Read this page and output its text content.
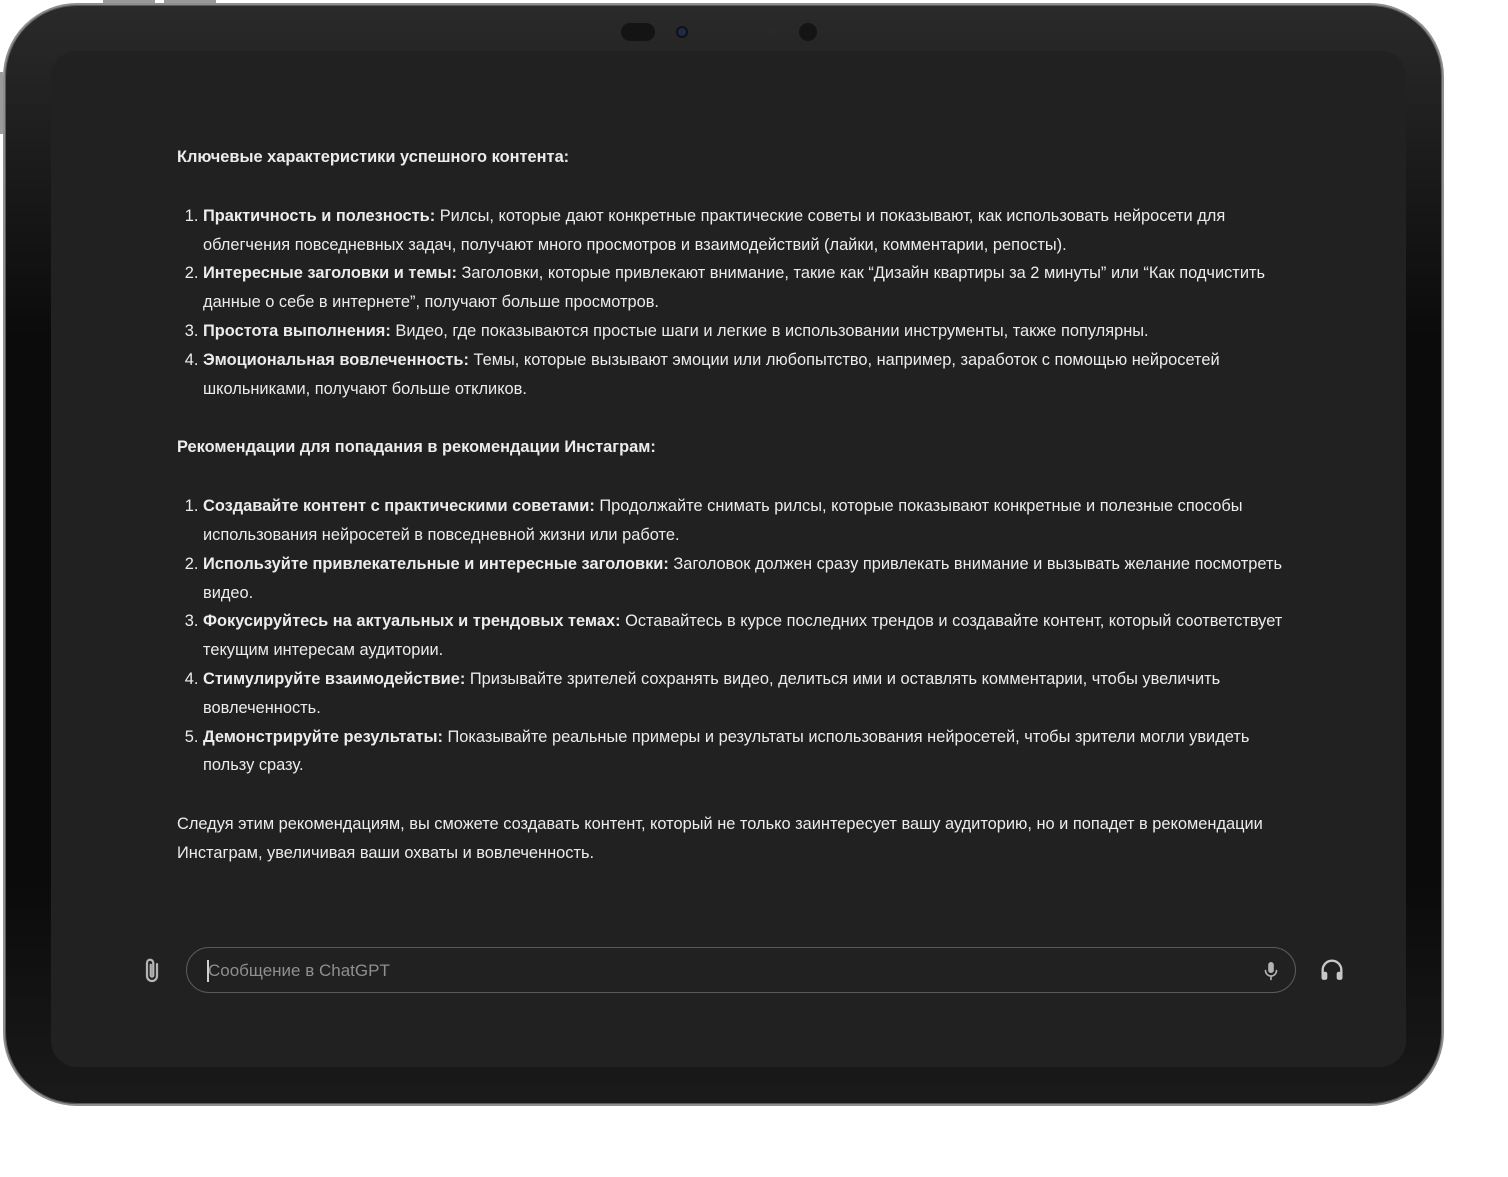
Ключевые характеристики успешного контента:

1. Практичность и полезность: Рилсы, которые дают конкретные практические советы и показывают, как использовать нейросети для облегчения повседневных задач, получают много просмотров и взаимодействий (лайки, комментарии, репосты).
2. Интересные заголовки и темы: Заголовки, которые привлекают внимание, такие как “Дизайн квартиры за 2 минуты” или “Как подчистить данные о себе в интернете”, получают больше просмотров.
3. Простота выполнения: Видео, где показываются простые шаги и легкие в использовании инструменты, также популярны.
4. Эмоциональная вовлеченность: Темы, которые вызывают эмоции или любопытство, например, заработок с помощью нейросетей школьниками, получают больше откликов.

Рекомендации для попадания в рекомендации Инстаграм:

1. Создавайте контент с практическими советами: Продолжайте снимать рилсы, которые показывают конкретные и полезные способы использования нейросетей в повседневной жизни или работе.
2. Используйте привлекательные и интересные заголовки: Заголовок должен сразу привлекать внимание и вызывать желание посмотреть видео.
3. Фокусируйтесь на актуальных и трендовых темах: Оставайтесь в курсе последних трендов и создавайте контент, который соответствует текущим интересам аудитории.
4. Стимулируйте взаимодействие: Призывайте зрителей сохранять видео, делиться ими и оставлять комментарии, чтобы увеличить вовлеченность.
5. Демонстрируйте результаты: Показывайте реальные примеры и результаты использования нейросетей, чтобы зрители могли увидеть пользу сразу.

Следуя этим рекомендациям, вы сможете создавать контент, который не только заинтересует вашу аудиторию, но и попадет в рекомендации Инстаграм, увеличивая ваши охваты и вовлеченность.

Сообщение в ChatGPT
